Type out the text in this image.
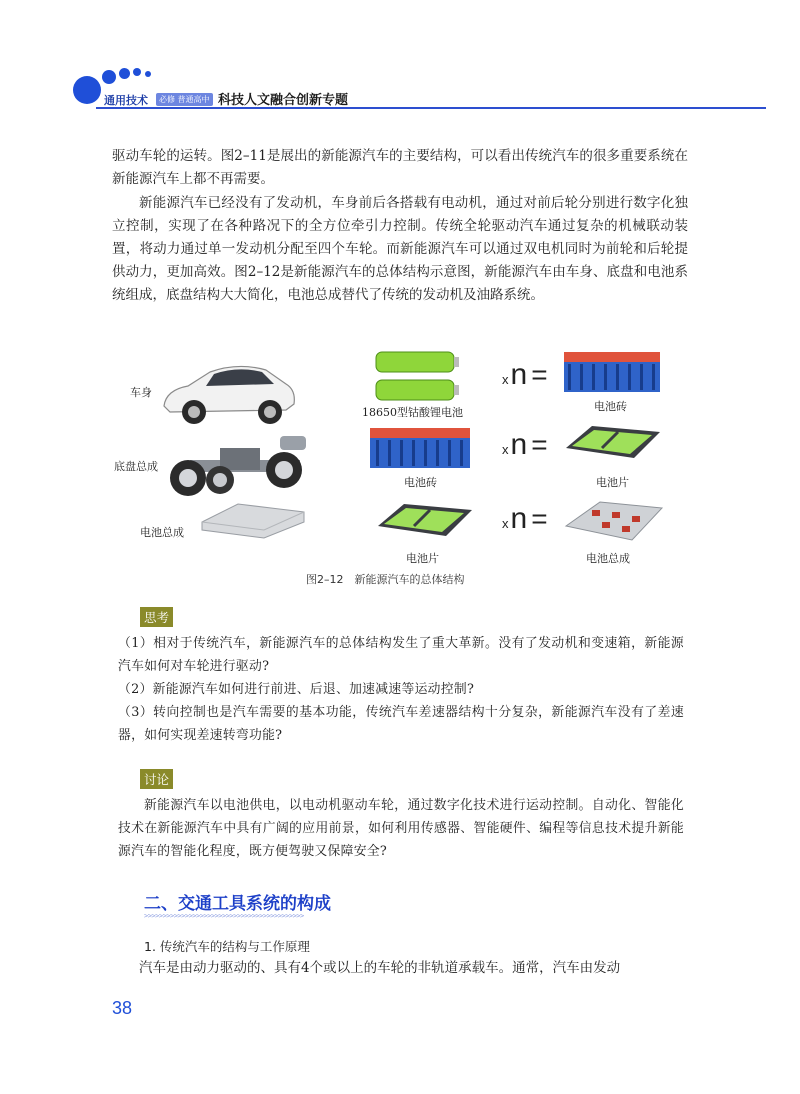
通用技术	必修 普通高中 科技人文融合创新专题

驱动车轮的运转。图2–11是展出的新能源汽车的主要结构，可以看出传统汽车的很多重要系统在新能源汽车上都不再需要。

新能源汽车已经没有了发动机，车身前后各搭载有电动机，通过对前后轮分别进行数字化独立控制，实现了在各种路况下的全方位牵引力控制。传统全轮驱动汽车通过复杂的机械联动装置，将动力通过单一发动机分配至四个车轮。而新能源汽车可以通过双电机同时为前轮和后轮提供动力，更加高效。图2–12是新能源汽车的总体结构示意图，新能源汽车由车身、底盘和电池系统组成，底盘结构大大简化，电池总成替代了传统的发动机及油路系统。

xn =
xn =
xn =
车身
底盘总成
电池总成
18650型钴酸锂电池	电池砖
电池砖	电池片
电池片	电池总成
图2–12　新能源汽车的总体结构
思考

（1）相对于传统汽车，新能源汽车的总体结构发生了重大革新。没有了发动机和变速箱，新能源汽车如何对车轮进行驱动?

（2）新能源汽车如何进行前进、后退、加速减速等运动控制?

（3）转向控制也是汽车需要的基本功能，传统汽车差速器结构十分复杂，新能源汽车没有了差速器，如何实现差速转弯功能?

讨论

新能源汽车以电池供电，以电动机驱动车轮，通过数字化技术进行运动控制。自动化、智能化技术在新能源汽车中具有广阔的应用前景，如何利用传感器、智能硬件、编程等信息技术提升新能源汽车的智能化程度，既方便驾驶又保障安全?

二、交通工具系统的构成
>>>>>>>>>>>>>>>>>>>>>>>>>>>>>>>>>>>>>>>>>>>
1. 传统汽车的结构与工作原理

汽车是由动力驱动的、具有4个或以上的车轮的非轨道承载车。通常，汽车由发动

38
